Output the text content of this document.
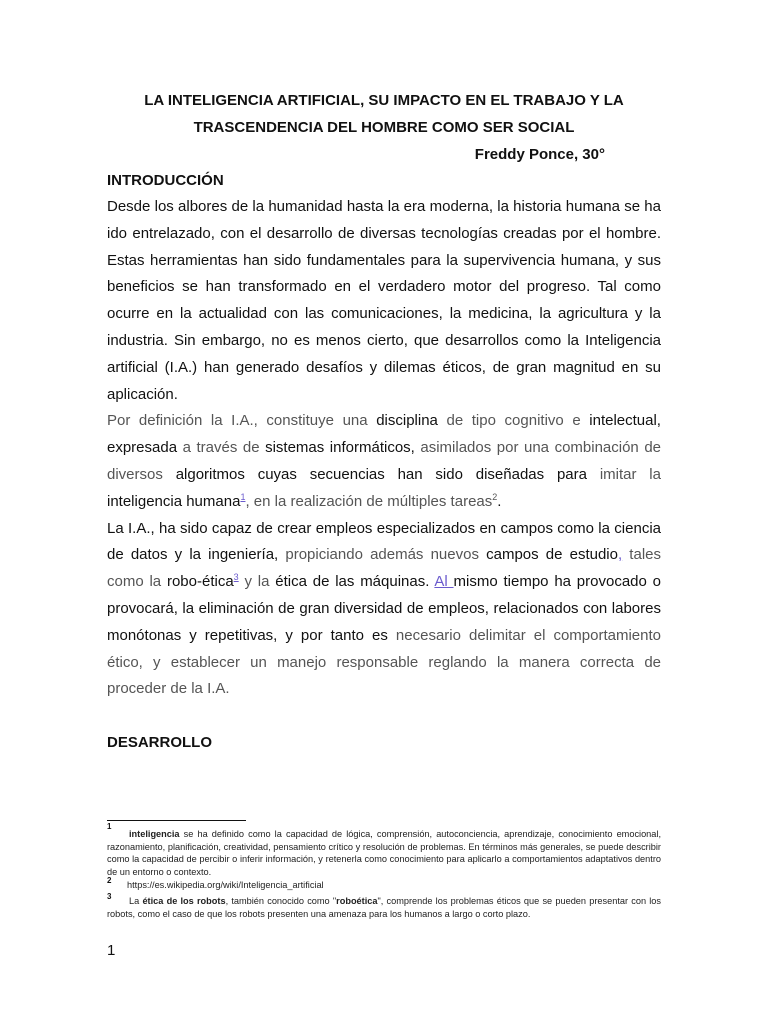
LA INTELIGENCIA ARTIFICIAL, SU IMPACTO EN EL TRABAJO Y LA
TRASCENDENCIA DEL HOMBRE COMO SER SOCIAL
Freddy Ponce, 30°
INTRODUCCIÓN

Desde los albores de la humanidad hasta la era moderna, la historia humana se ha ido entrelazado, con el desarrollo de diversas tecnologías creadas por el hombre. Estas herramientas han sido fundamentales para la supervivencia humana, y sus beneficios se han transformado en el verdadero motor del progreso. Tal como ocurre en la actualidad con las comunicaciones, la medicina, la agricultura y la industria. Sin embargo, no es menos cierto, que desarrollos como la Inteligencia artificial (I.A.) han generado desafíos y dilemas éticos, de gran magnitud en su aplicación.

Por definición la I.A., constituye una disciplina de tipo cognitivo e intelectual, expresada a través de sistemas informáticos, asimilados por una combinación de diversos algoritmos cuyas secuencias han sido diseñadas para imitar la inteligencia humana$^1$, en la realización de múltiples tareas$^2$.

La I.A., ha sido capaz de crear empleos especializados en campos como la ciencia de datos y la ingeniería, propiciando además nuevos campos de estudio, tales como la robo-ética$^3$ y la ética de las máquinas. Al mismo tiempo ha provocado o provocará, la eliminación de gran diversidad de empleos, relacionados con labores monótonas y repetitivas, y por tanto es necesario delimitar el comportamiento ético, y establecer un manejo responsable reglando la manera correcta de proceder de la I.A.

DESARROLLO
1
inteligencia se ha definido como la capacidad de lógica, comprensión, autoconciencia, aprendizaje, conocimiento emocional, razonamiento, planificación, creatividad, pensamiento crítico y resolución de problemas. En términos más generales, se puede describir como la capacidad de percibir o inferir información, y retenerla como conocimiento para aplicarlo a comportamientos adaptativos dentro de un entorno o contexto.
2 https://es.wikipedia.org/wiki/Inteligencia_artificial
3	La ética de los robots, también conocido como "roboética", comprende los problemas éticos que se pueden presentar con los robots, como el caso de que los robots presenten una amenaza para los humanos a largo o corto plazo.
1
